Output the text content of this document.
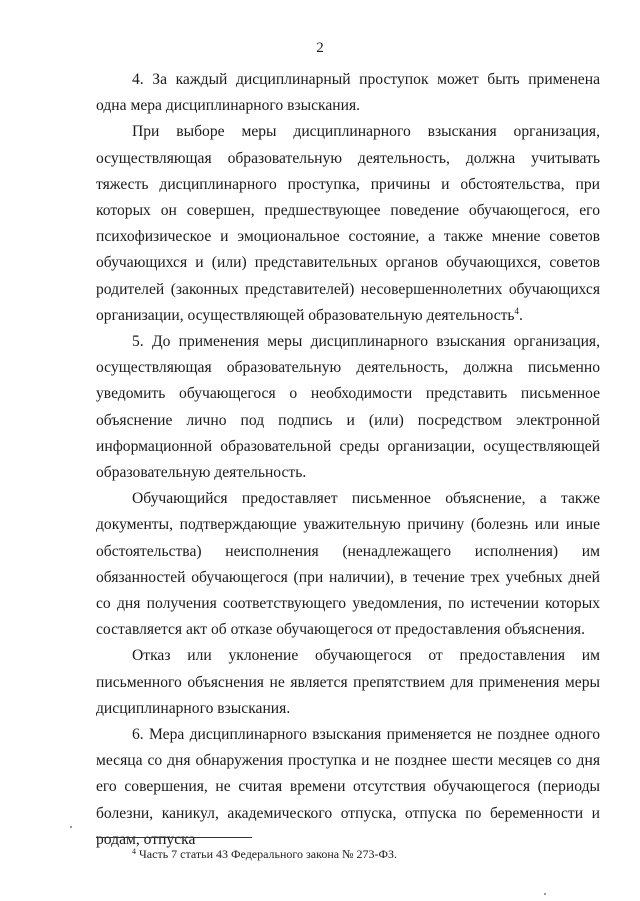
2

4. За каждый дисциплинарный проступок может быть применена одна мера дисциплинарного взыскания.

При выборе меры дисциплинарного взыскания организация, осуществляющая образовательную деятельность, должна учитывать тяжесть дисциплинарного проступка, причины и обстоятельства, при которых он совершен, предшествующее поведение обучающегося, его психофизическое и эмоциональное состояние, а также мнение советов обучающихся и (или) представительных органов обучающихся, советов родителей (законных представителей) несовершеннолетних обучающихся организации, осуществляющей образовательную деятельность$^4$.

5. До применения меры дисциплинарного взыскания организация, осуществляющая образовательную деятельность, должна письменно уведомить обучающегося о необходимости представить письменное объяснение лично под подпись и (или) посредством электронной информационной образовательной среды организации, осуществляющей образовательную деятельность.

Обучающийся предоставляет письменное объяснение, а также документы, подтверждающие уважительную причину (болезнь или иные обстоятельства) неисполнения (ненадлежащего исполнения) им обязанностей обучающегося (при наличии), в течение трех учебных дней со дня получения соответствующего уведомления, по истечении которых составляется акт об отказе обучающегося от предоставления объяснения.

Отказ или уклонение обучающегося от предоставления им письменного объяснения не является препятствием для применения меры дисциплинарного взыскания.

6. Мера дисциплинарного взыскания применяется не позднее одного месяца со дня обнаружения проступка и не позднее шести месяцев со дня его совершения, не считая времени отсутствия обучающегося (периоды болезни, каникул, академического отпуска, отпуска по беременности и родам, отпуска

$^4$ Часть 7 статьи 43 Федерального закона № 273-ФЗ.
